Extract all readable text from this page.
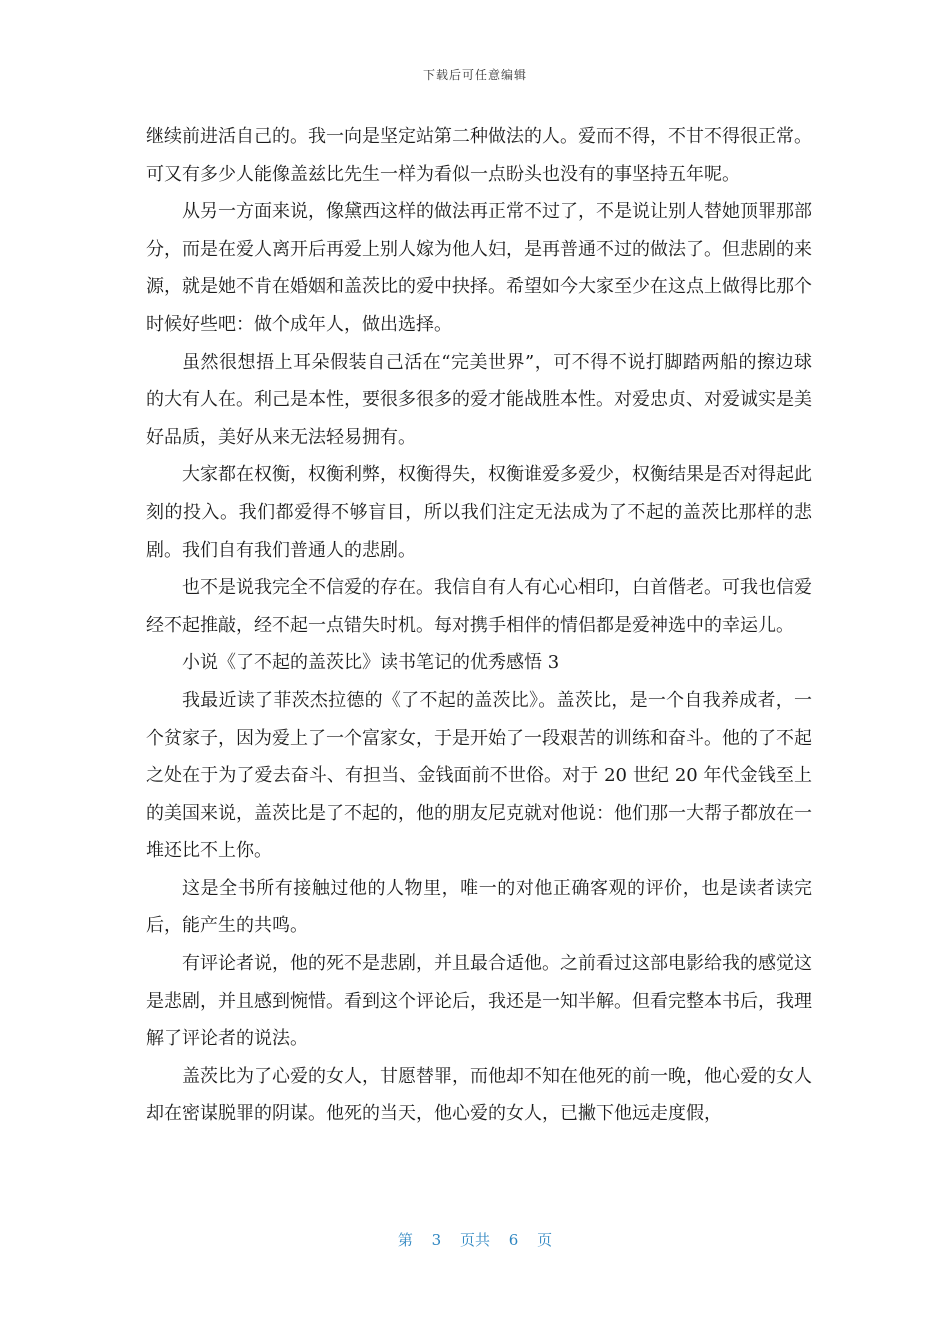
下载后可任意编辑

继续前进活自己的。我一向是坚定站第二种做法的人。爱而不得，不甘不得很正常。可又有多少人能像盖兹比先生一样为看似一点盼头也没有的事坚持五年呢。

从另一方面来说，像黛西这样的做法再正常不过了，不是说让别人替她顶罪那部分，而是在爱人离开后再爱上别人嫁为他人妇，是再普通不过的做法了。但悲剧的来源，就是她不肯在婚姻和盖茨比的爱中抉择。希望如今大家至少在这点上做得比那个时候好些吧：做个成年人，做出选择。

虽然很想捂上耳朵假装自己活在“完美世界”，可不得不说打脚踏两船的擦边球的大有人在。利己是本性，要很多很多的爱才能战胜本性。对爱忠贞、对爱诚实是美好品质，美好从来无法轻易拥有。

大家都在权衡，权衡利弊，权衡得失，权衡谁爱多爱少，权衡结果是否对得起此刻的投入。我们都爱得不够盲目，所以我们注定无法成为了不起的盖茨比那样的悲剧。我们自有我们普通人的悲剧。

也不是说我完全不信爱的存在。我信自有人有心心相印，白首偕老。可我也信爱经不起推敲，经不起一点错失时机。每对携手相伴的情侣都是爱神选中的幸运儿。

小说《了不起的盖茨比》读书笔记的优秀感悟 3

我最近读了菲茨杰拉德的《了不起的盖茨比》。盖茨比，是一个自我养成者，一个贫家子，因为爱上了一个富家女，于是开始了一段艰苦的训练和奋斗。他的了不起之处在于为了爱去奋斗、有担当、金钱面前不世俗。对于 20 世纪 20 年代金钱至上的美国来说，盖茨比是了不起的，他的朋友尼克就对他说：他们那一大帮子都放在一堆还比不上你。

这是全书所有接触过他的人物里，唯一的对他正确客观的评价，也是读者读完后，能产生的共鸣。

有评论者说，他的死不是悲剧，并且最合适他。之前看过这部电影给我的感觉这是悲剧，并且感到惋惜。看到这个评论后，我还是一知半解。但看完整本书后，我理解了评论者的说法。

盖茨比为了心爱的女人，甘愿替罪，而他却不知在他死的前一晚，他心爱的女人却在密谋脱罪的阴谋。他死的当天，他心爱的女人，已撇下他远走度假，

第 3 页共 6 页
